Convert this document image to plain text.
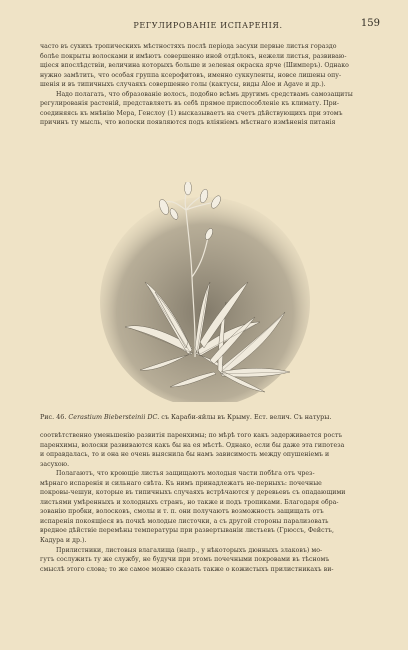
РЕГУЛИРОВАНІЕ ИСПАРЕНІЯ.	159
часто въ сухихъ тропическихъ мѣстностяхъ послѣ періода засухи первые листья гораздо
болѣе покрыты волосками и имѣютъ совершенно иной отдѣлокъ, нежели листья, развиваю-
щіеся впослѣдствіи, величина которыхъ больше и зеленая окраска ярче (Шимперъ). Однако
нужно замѣтить, что особая группа ксерофитовъ, именно суккуленты, новсе лишены опу-
шенія и въ типичныхъ случаяхъ совершенно голы (кактусы, виды Aloe и Agave и др.).
Надо полагать, что образованіе волосъ, подобно всѣмъ другимъ средствамъ самозащиты
регулированія растеній, представляетъ въ себѣ прямое приспособленіе къ климату. При-
соединяясь къ мнѣнію Мера, Генслоу (1) высказываетъ на счетъ дѣйствующихъ при этомъ
причинъ ту мысль, что волоски появляются подъ вліяніемъ мѣстнаго измѣненія питанія
Рис. 46. Cerastium Biebersteinii DC. съ Караби-яйлы въ Крыму. Ест. велич. Съ натуры.
соотвѣтственно уменьшенію развитія паренхимы; по мѣрѣ того какъ задерживается ростъ
паренхимы, волоски развиваются какъ бы на ея мѣстѣ. Однако, если бы даже эта гипотеза
и оправдалась, то и она не очень выяснила бы намъ зависимость между опушеніемъ и
засухою.
Полагаютъ, что кроющіе листья защищаютъ молодыя части побѣга отъ чрез-
мѣрнаго испаренія и сильнаго свѣта. Къ нимъ принадлежатъ не-перныхъ: почечные
покровы-чешуи, которые въ типичныхъ случаяхъ встрѣчаются у деревьевъ съ опадающими
листьями умѣренныхъ и холодныхъ странъ, но также и подъ тропиками. Благодаря обра-
зованію пробки, волосковъ, смолы и т. п. они получаютъ возможность защищать отъ
испаренія покоящіеся въ почкѣ молодые листочки, а съ другой стороны парализовать
вредное дѣйствіе перемѣны температуры при развертываніи листьевъ (Грюссъ, Фейстъ,
Кадура и др.).
Прилистники, листовыя влагалища (напр., у нѣкоторыхъ дюнныхъ злаковъ) мо-
гутъ сослужить ту же службу, не будучи при этомъ почечными покровами въ тѣсномъ
смыслѣ этого слова; то же самое можно сказать также о кожистыхъ прилистникахъ ви-
